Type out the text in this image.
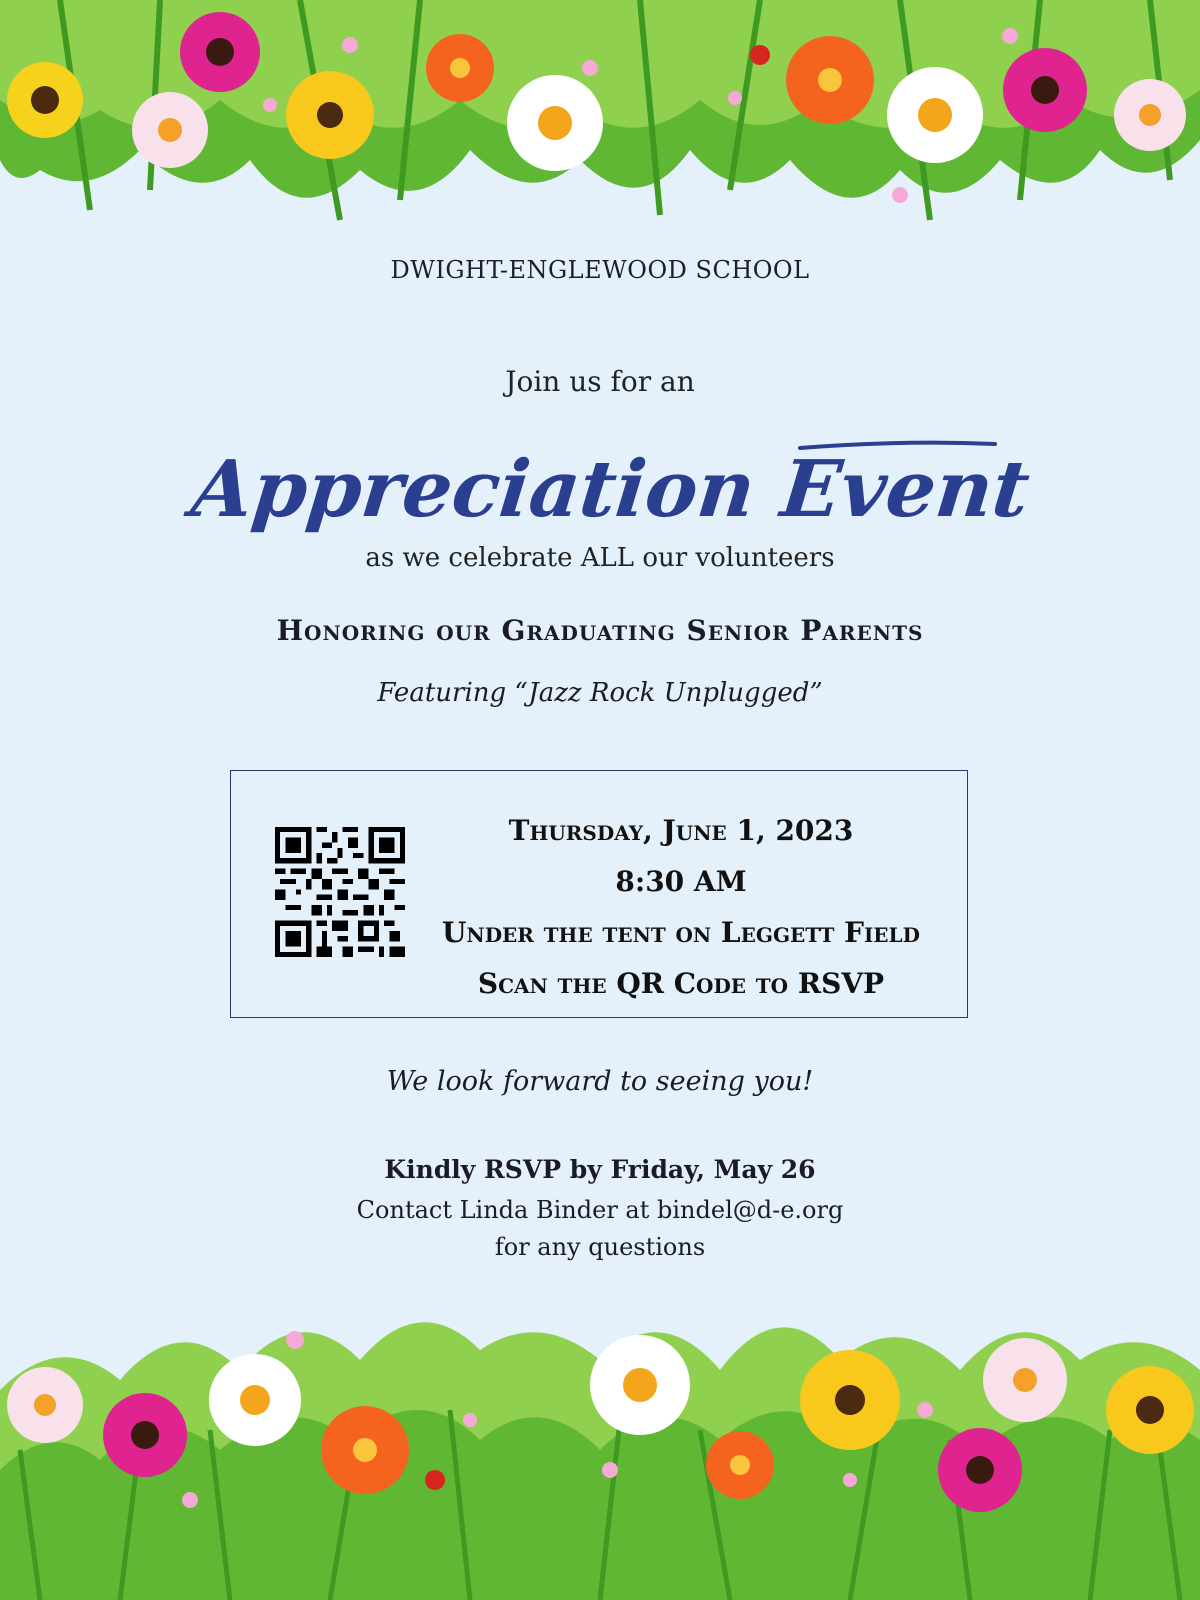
DWIGHT-ENGLEWOOD SCHOOL
Join us for an
Appreciation Event
as we celebrate ALL our volunteers
Honoring our Graduating Senior Parents
Featuring “Jazz Rock Unplugged”
Thursday, June 1, 2023
8:30 AM
Under the tent on Leggett Field
Scan the QR Code to RSVP
We look forward to seeing you!
Kindly RSVP by Friday, May 26
Contact Linda Binder at bindel@d-e.org
for any questions
